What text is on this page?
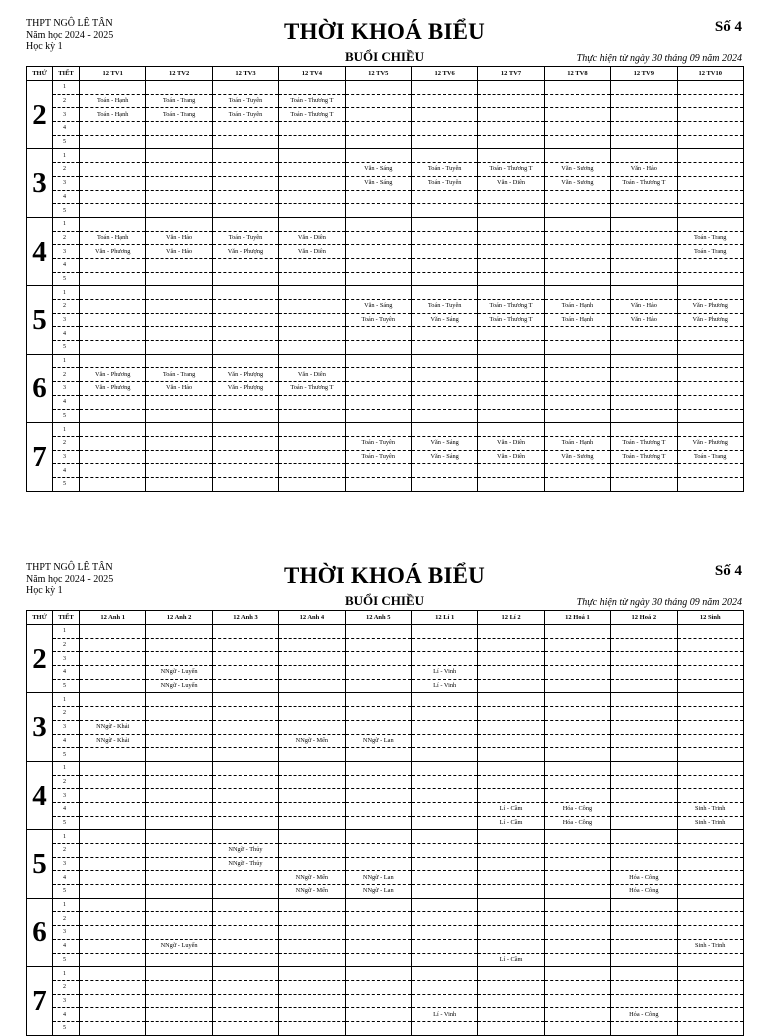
THPT NGÔ LÊ TÂN
Năm học 2024 - 2025
Học kỳ 1
THỜI KHOÁ BIỂU
BUỔI CHIỀU
Số 4
Thực hiện từ ngày 30 tháng 09 năm 2024
THỨ	TIẾT	12 TV1	12 TV2	12 TV3	12 TV4	12 TV5	12 TV6	12 TV7	12 TV8	12 TV9	12 TV10
2	1										
	2	Toán - Hạnh	Toán - Trang	Toán - Tuyên	Toán - Thương T						
	3	Toán - Hạnh	Toán - Trang	Toán - Tuyên	Toán - Thương T						
	4										
	5										
3	1										
	2					Văn - Sáng	Toán - Tuyên	Toán - Thương T	Văn - Sương	Văn - Hảo	
	3					Văn - Sáng	Toán - Tuyên	Văn - Diên	Văn - Sương	Toán - Thương T	
	4										
	5										
4	1										
	2	Toán - Hạnh	Văn - Hảo	Toán - Tuyên	Văn - Diên						Toán - Trang
	3	Văn - Phương	Văn - Hảo	Văn - Phượng	Văn - Diên						Toán - Trang
	4										
	5										
5	1										
	2					Văn - Sáng	Toán - Tuyên	Toán - Thương T	Toán - Hạnh	Văn - Hảo	Văn - Phương
	3					Toán - Tuyên	Văn - Sáng	Toán - Thương T	Toán - Hạnh	Văn - Hảo	Văn - Phương
	4										
	5										
6	1										
	2	Văn - Phương	Toán - Trang	Văn - Phượng	Văn - Diên						
	3	Văn - Phương	Văn - Hảo	Văn - Phượng	Toán - Thương T						
	4										
	5										
7	1										
	2					Toán - Tuyên	Văn - Sáng	Văn - Diên	Toán - Hạnh	Toán - Thương T	Văn - Phương
	3					Toán - Tuyên	Văn - Sáng	Văn - Diên	Văn - Sương	Toán - Thương T	Toán - Trang
	4										
	5										
THPT NGÔ LÊ TÂN
Năm học 2024 - 2025
Học kỳ 1
THỜI KHOÁ BIỂU
BUỔI CHIỀU
Số 4
Thực hiện từ ngày 30 tháng 09 năm 2024
THỨ	TIẾT	12 Anh 1	12 Anh 2	12 Anh 3	12 Anh 4	12 Anh 5	12 Lí 1	12 Lí 2	12 Hoá 1	12 Hoá 2	12 Sinh
2	1										
	2										
	3										
	4		NNgữ - Luyến				Lí - Vinh				
	5		NNgữ - Luyến				Lí - Vinh				
3	1										
	2										
	3	NNgữ - Khải									
	4	NNgữ - Khải			NNgữ - Mến	NNgữ - Lan					
	5										
4	1										
	2										
	3										
	4							Lí - Cầm	Hóa - Công		Sinh - Trinh
	5							Lí - Cầm	Hóa - Công		Sinh - Trinh
5	1										
	2			NNgữ - Thủy							
	3			NNgữ - Thủy							
	4				NNgữ - Mến	NNgữ - Lan				Hóa - Công	
	5				NNgữ - Mến	NNgữ - Lan				Hóa - Công	
6	1										
	2										
	3										
	4		NNgữ - Luyến								Sinh - Trinh
	5							Lí - Cầm			
7	1										
	2										
	3										
	4						Lí - Vinh			Hóa - Công	
	5										
